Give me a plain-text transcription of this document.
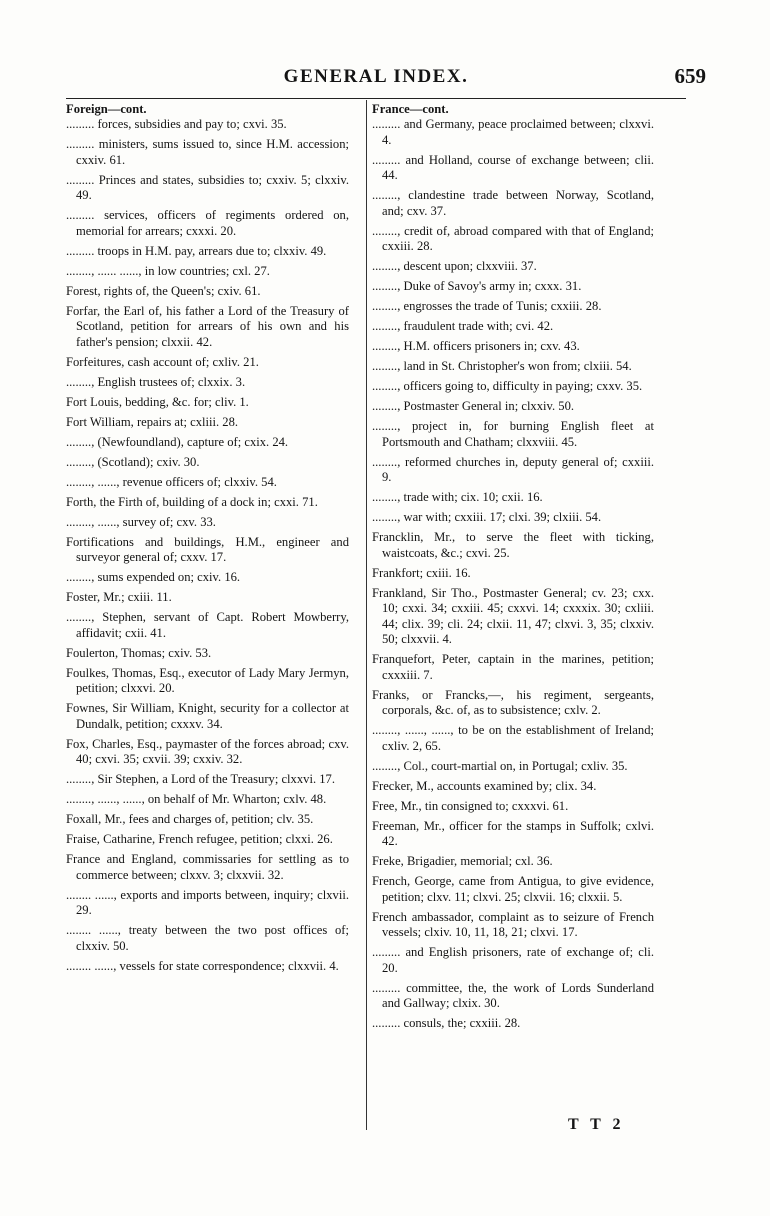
GENERAL INDEX.	659
Foreign—cont.
......... forces, subsidies and pay to; cxvi. 35.
......... ministers, sums issued to, since H.M. accession; cxxiv. 61.
......... Princes and states, subsidies to; cxxiv. 5; clxxiv. 49.
......... services, officers of regiments ordered on, memorial for arrears; cxxxi. 20.
......... troops in H.M. pay, arrears due to; clxxiv. 49.
........, ...... ......, in low countries; cxl. 27.
Forest, rights of, the Queen's; cxiv. 61.
Forfar, the Earl of, his father a Lord of the Treasury of Scotland, petition for arrears of his own and his father's pension; clxxii. 42.
Forfeitures, cash account of; cxliv. 21.
........, English trustees of; clxxix. 3.
Fort Louis, bedding, &c. for; cliv. 1.
Fort William, repairs at; cxliii. 28.
........, (Newfoundland), capture of; cxix. 24.
........, (Scotland); cxiv. 30.
........, ......, revenue officers of; clxxiv. 54.
Forth, the Firth of, building of a dock in; cxxi. 71.
........, ......, survey of; cxv. 33.
Fortifications and buildings, H.M., engineer and surveyor general of; cxxv. 17.
........, sums expended on; cxiv. 16.
Foster, Mr.; cxiii. 11.
........, Stephen, servant of Capt. Robert Mowberry, affidavit; cxii. 41.
Foulerton, Thomas; cxiv. 53.
Foulkes, Thomas, Esq., executor of Lady Mary Jermyn, petition; clxxvi. 20.
Fownes, Sir William, Knight, security for a collector at Dundalk, petition; cxxxv. 34.
Fox, Charles, Esq., paymaster of the forces abroad; cxv. 40; cxvi. 35; cxvii. 39; cxxiv. 32.
........, Sir Stephen, a Lord of the Treasury; clxxvi. 17.
........, ......, ......, on behalf of Mr. Wharton; cxlv. 48.
Foxall, Mr., fees and charges of, petition; clv. 35.
Fraise, Catharine, French refugee, petition; clxxi. 26.
France and England, commissaries for settling as to commerce between; clxxv. 3; clxxvii. 32.
........ ......, exports and imports between, inquiry; clxvii. 29.
........ ......, treaty between the two post offices of; clxxiv. 50.
........ ......, vessels for state correspondence; clxxvii. 4.
France—cont.
......... and Germany, peace proclaimed between; clxxvi. 4.
......... and Holland, course of exchange between; clii. 44.
........, clandestine trade between Norway, Scotland, and; cxv. 37.
........, credit of, abroad compared with that of England; cxxiii. 28.
........, descent upon; clxxviii. 37.
........, Duke of Savoy's army in; cxxx. 31.
........, engrosses the trade of Tunis; cxxiii. 28.
........, fraudulent trade with; cvi. 42.
........, H.M. officers prisoners in; cxv. 43.
........, land in St. Christopher's won from; clxiii. 54.
........, officers going to, difficulty in paying; cxxv. 35.
........, Postmaster General in; clxxiv. 50.
........, project in, for burning English fleet at Portsmouth and Chatham; clxxviii. 45.
........, reformed churches in, deputy general of; cxxiii. 9.
........, trade with; cix. 10; cxii. 16.
........, war with; cxxiii. 17; clxi. 39; clxiii. 54.
Francklin, Mr., to serve the fleet with ticking, waistcoats, &c.; cxvi. 25.
Frankfort; cxiii. 16.
Frankland, Sir Tho., Postmaster General; cv. 23; cxx. 10; cxxi. 34; cxxiii. 45; cxxvi. 14; cxxxix. 30; cxliii. 44; clix. 39; cli. 24; clxii. 11, 47; clxvi. 3, 35; clxxiv. 50; clxxvii. 4.
Franquefort, Peter, captain in the marines, petition; cxxxiii. 7.
Franks, or Francks,—, his regiment, sergeants, corporals, &c. of, as to subsistence; cxlv. 2.
........, ......, ......, to be on the establishment of Ireland; cxliv. 2, 65.
........, Col., court-martial on, in Portugal; cxliv. 35.
Frecker, M., accounts examined by; clix. 34.
Free, Mr., tin consigned to; cxxxvi. 61.
Freeman, Mr., officer for the stamps in Suffolk; cxlvi. 42.
Freke, Brigadier, memorial; cxl. 36.
French, George, came from Antigua, to give evidence, petition; clxv. 11; clxvi. 25; clxvii. 16; clxxii. 5.
French ambassador, complaint as to seizure of French vessels; clxiv. 10, 11, 18, 21; clxvi. 17.
......... and English prisoners, rate of exchange of; cli. 20.
......... committee, the, the work of Lords Sunderland and Gallway; clxix. 30.
......... consuls, the; cxxiii. 28.
T T 2
